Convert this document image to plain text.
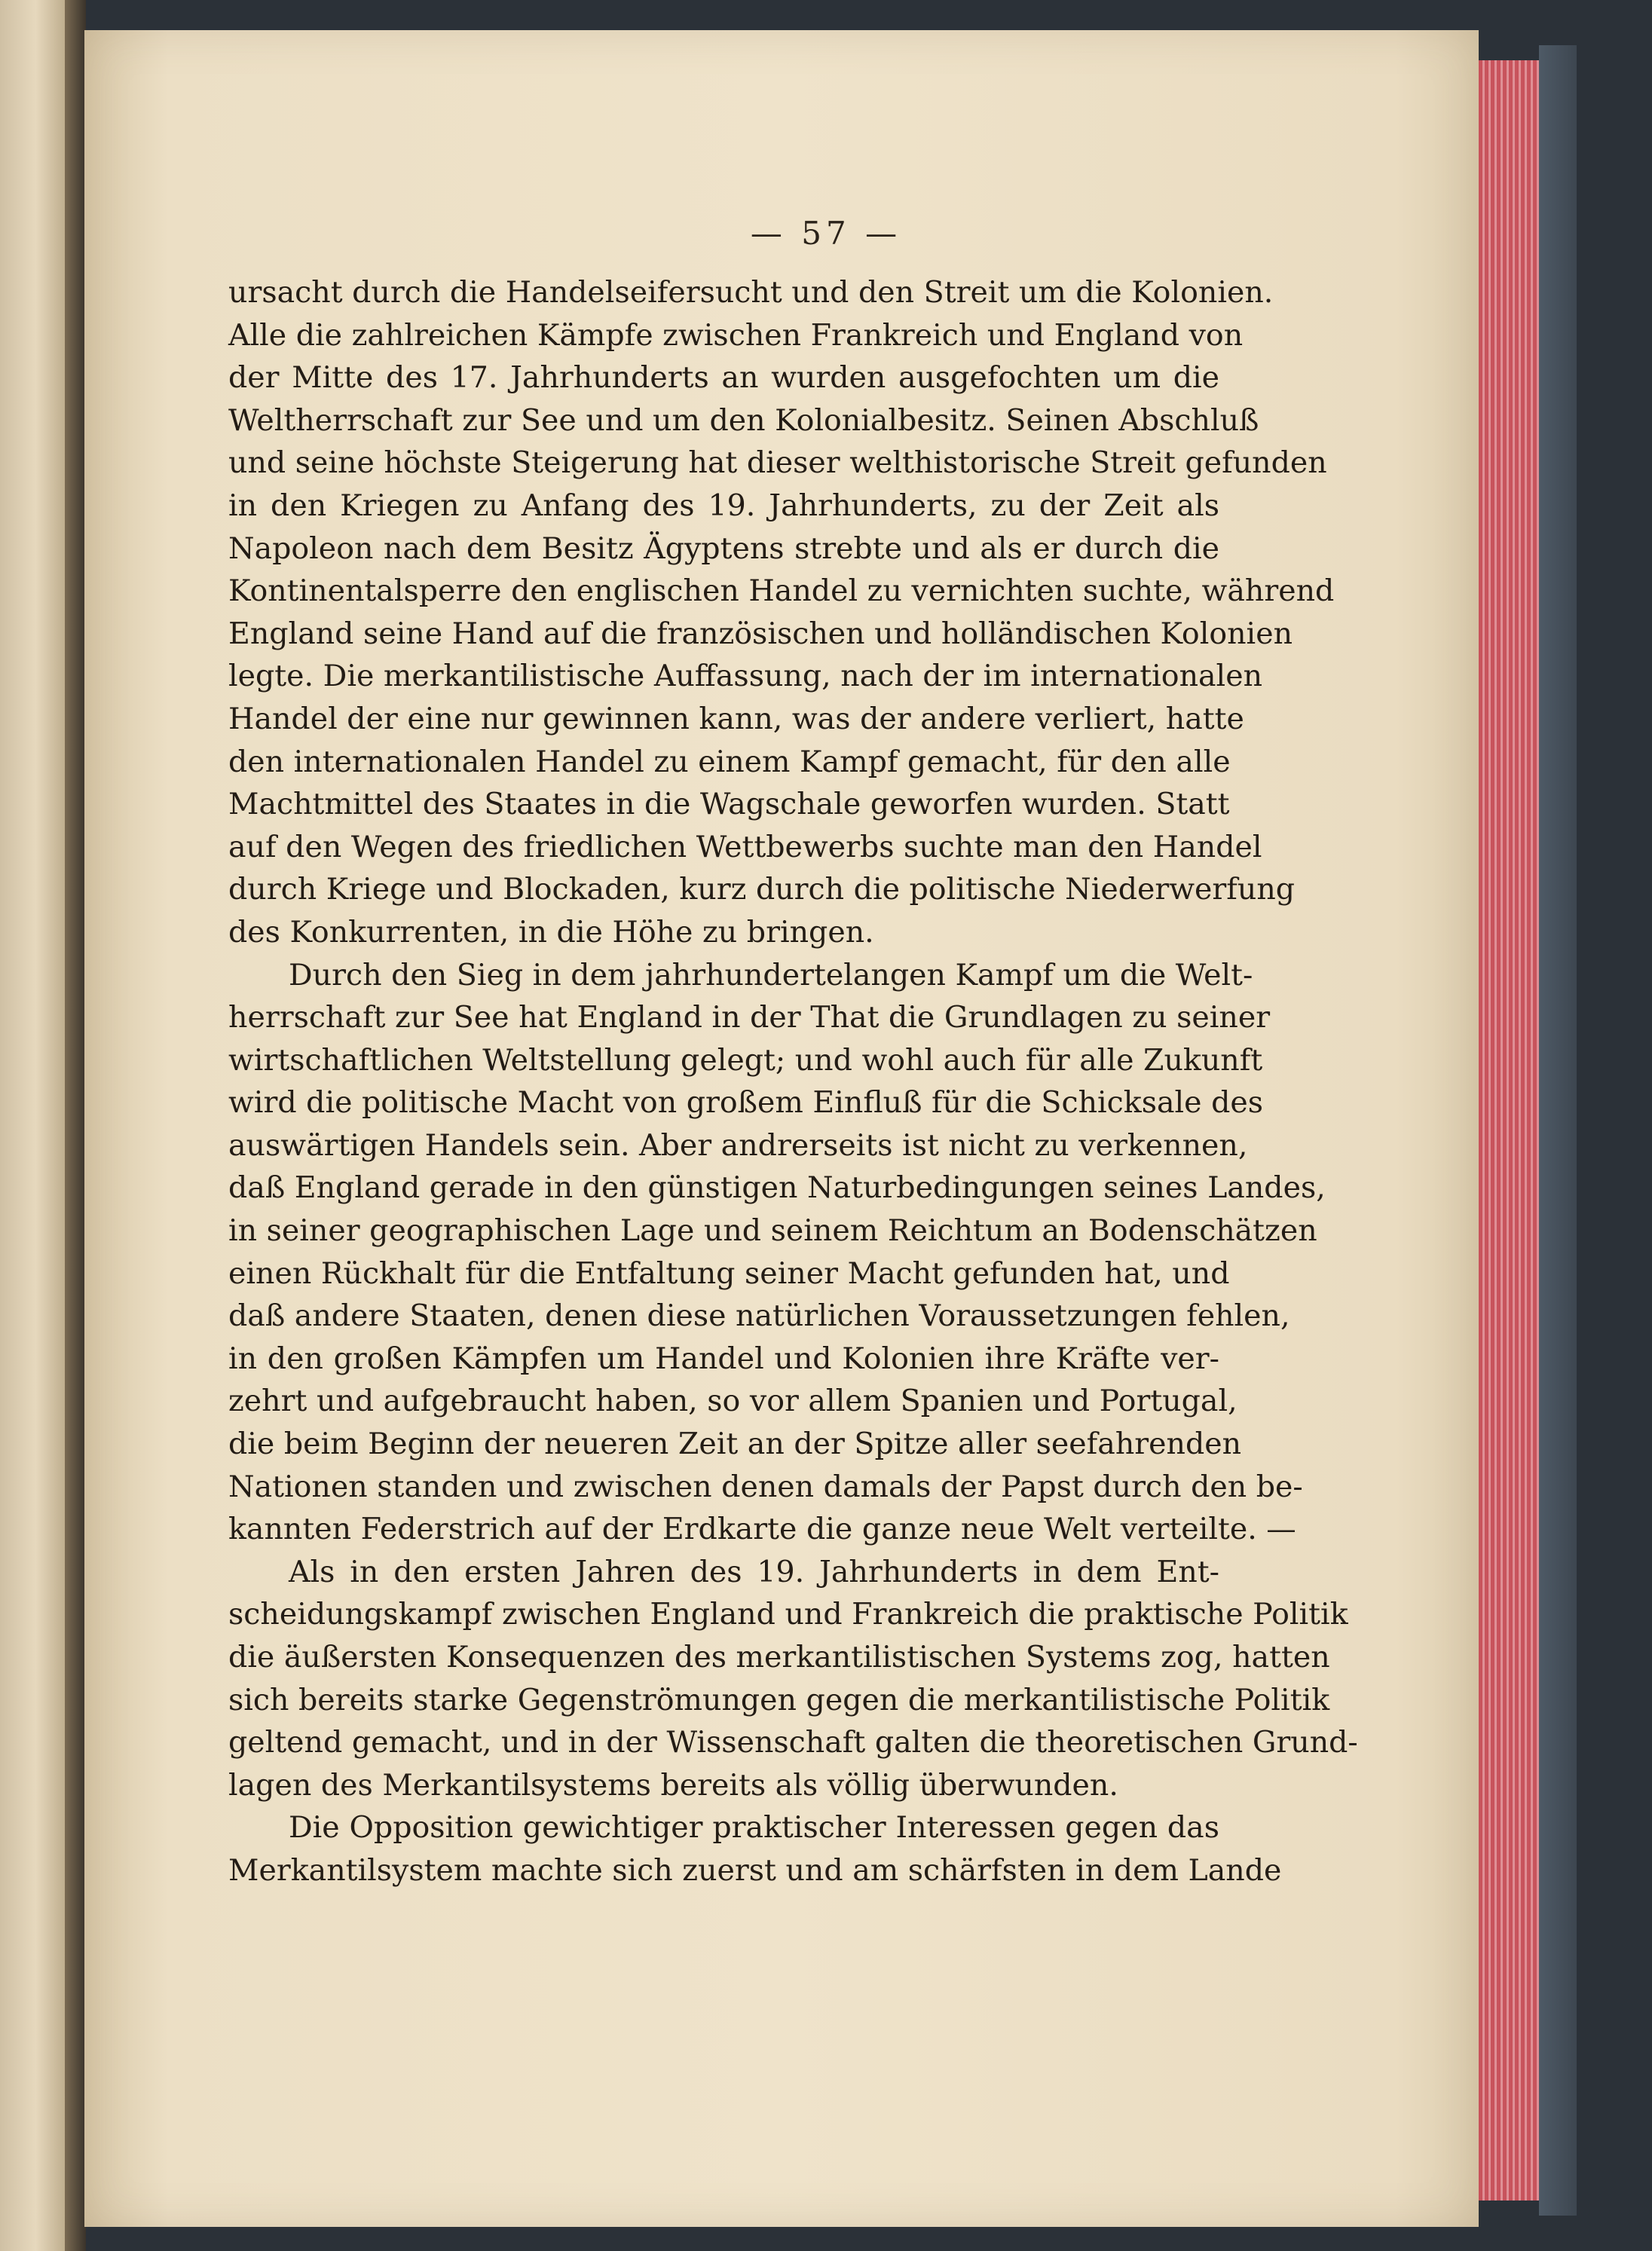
— 57 —
ursacht durch die Handelseifersucht und den Streit um die Kolonien.
Alle die zahlreichen Kämpfe zwischen Frankreich und England von
der Mitte des 17. Jahrhunderts an wurden ausgefochten um die
Weltherrschaft zur See und um den Kolonialbesitz. Seinen Abschluß
und seine höchste Steigerung hat dieser welthistorische Streit gefunden
in den Kriegen zu Anfang des 19. Jahrhunderts, zu der Zeit als
Napoleon nach dem Besitz Ägyptens strebte und als er durch die
Kontinentalsperre den englischen Handel zu vernichten suchte, während
England seine Hand auf die französischen und holländischen Kolonien
legte. Die merkantilistische Auffassung, nach der im internationalen
Handel der eine nur gewinnen kann, was der andere verliert, hatte
den internationalen Handel zu einem Kampf gemacht, für den alle
Machtmittel des Staates in die Wagschale geworfen wurden. Statt
auf den Wegen des friedlichen Wettbewerbs suchte man den Handel
durch Kriege und Blockaden, kurz durch die politische Niederwerfung
des Konkurrenten, in die Höhe zu bringen.
Durch den Sieg in dem jahrhundertelangen Kampf um die Welt-
herrschaft zur See hat England in der That die Grundlagen zu seiner
wirtschaftlichen Weltstellung gelegt; und wohl auch für alle Zukunft
wird die politische Macht von großem Einfluß für die Schicksale des
auswärtigen Handels sein. Aber andrerseits ist nicht zu verkennen,
daß England gerade in den günstigen Naturbedingungen seines Landes,
in seiner geographischen Lage und seinem Reichtum an Bodenschätzen
einen Rückhalt für die Entfaltung seiner Macht gefunden hat, und
daß andere Staaten, denen diese natürlichen Voraussetzungen fehlen,
in den großen Kämpfen um Handel und Kolonien ihre Kräfte ver-
zehrt und aufgebraucht haben, so vor allem Spanien und Portugal,
die beim Beginn der neueren Zeit an der Spitze aller seefahrenden
Nationen standen und zwischen denen damals der Papst durch den be-
kannten Federstrich auf der Erdkarte die ganze neue Welt verteilte. —
Als in den ersten Jahren des 19. Jahrhunderts in dem Ent-
scheidungskampf zwischen England und Frankreich die praktische Politik
die äußersten Konsequenzen des merkantilistischen Systems zog, hatten
sich bereits starke Gegenströmungen gegen die merkantilistische Politik
geltend gemacht, und in der Wissenschaft galten die theoretischen Grund-
lagen des Merkantilsystems bereits als völlig überwunden.
Die Opposition gewichtiger praktischer Interessen gegen das
Merkantilsystem machte sich zuerst und am schärfsten in dem Lande
